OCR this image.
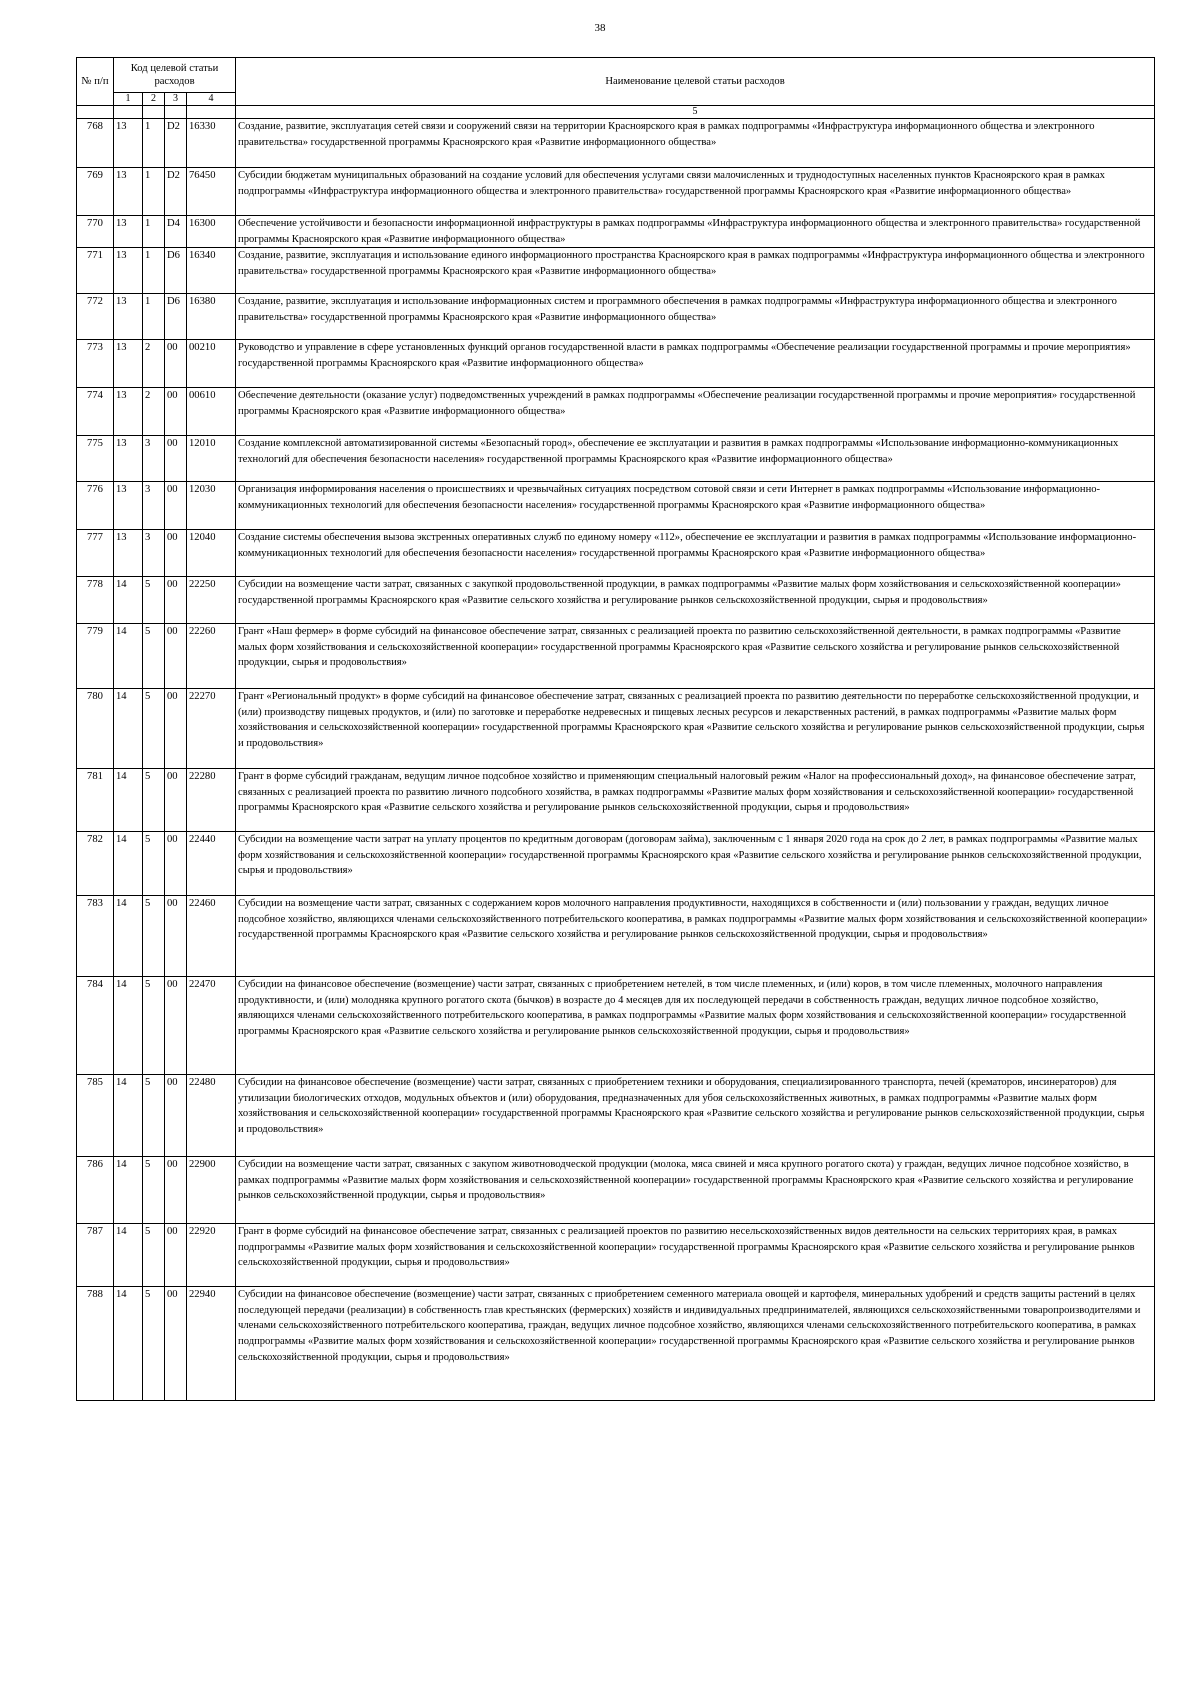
38
№ п/п	Код целевой статьи расходов				Наименование целевой статьи расходов
	1	2	3	4	
					5
768	13	1	D2	16330	Создание, развитие, эксплуатация сетей связи и сооружений связи на территории Красноярского края в рамках подпрограммы «Инфраструктура информационного общества и электронного правительства» государственной программы Красноярского края «Развитие информационного общества»
769	13	1	D2	76450	Субсидии бюджетам муниципальных образований на создание условий для обеспечения услугами связи малочисленных и труднодоступных населенных пунктов Красноярского края в рамках подпрограммы «Инфраструктура информационного общества и электронного правительства» государственной программы Красноярского края «Развитие информационного общества»
770	13	1	D4	16300	Обеспечение устойчивости и безопасности информационной инфраструктуры в рамках подпрограммы «Инфраструктура информационного общества и электронного правительства» государственной программы Красноярского края «Развитие информационного общества»
771	13	1	D6	16340	Создание, развитие, эксплуатация и использование единого информационного пространства Красноярского края в рамках подпрограммы «Инфраструктура информационного общества и электронного правительства» государственной программы Красноярского края «Развитие информационного общества»
772	13	1	D6	16380	Создание, развитие, эксплуатация и использование информационных систем и программного обеспечения в рамках подпрограммы «Инфраструктура информационного общества и электронного правительства» государственной программы Красноярского края «Развитие информационного общества»
773	13	2	00	00210	Руководство и управление в сфере установленных функций органов государственной власти в рамках подпрограммы «Обеспечение реализации государственной программы и прочие мероприятия» государственной программы Красноярского края «Развитие информационного общества»
774	13	2	00	00610	Обеспечение деятельности (оказание услуг) подведомственных учреждений в рамках подпрограммы «Обеспечение реализации государственной программы и прочие мероприятия» государственной программы Красноярского края «Развитие информационного общества»
775	13	3	00	12010	Создание комплексной автоматизированной системы «Безопасный город», обеспечение ее эксплуатации и развития в рамках подпрограммы «Использование информационно-коммуникационных технологий для обеспечения безопасности населения» государственной программы Красноярского края «Развитие информационного общества»
776	13	3	00	12030	Организация информирования населения о происшествиях и чрезвычайных ситуациях посредством сотовой связи и сети Интернет в рамках подпрограммы «Использование информационно-коммуникационных технологий для обеспечения безопасности населения» государственной программы Красноярского края «Развитие информационного общества»
777	13	3	00	12040	Создание системы обеспечения вызова экстренных оперативных служб по единому номеру «112», обеспечение ее эксплуатации и развития в рамках подпрограммы «Использование информационно-коммуникационных технологий для обеспечения безопасности населения» государственной программы Красноярского края «Развитие информационного общества»
778	14	5	00	22250	Субсидии на возмещение части затрат, связанных с закупкой продовольственной продукции, в рамках подпрограммы «Развитие малых форм хозяйствования и сельскохозяйственной кооперации» государственной программы Красноярского края «Развитие сельского хозяйства и регулирование рынков сельскохозяйственной продукции, сырья и продовольствия»
779	14	5	00	22260	Грант «Наш фермер» в форме субсидий на финансовое обеспечение затрат, связанных с реализацией проекта по развитию сельскохозяйственной деятельности, в рамках подпрограммы «Развитие малых форм хозяйствования и сельскохозяйственной кооперации» государственной программы Красноярского края «Развитие сельского хозяйства и регулирование рынков сельскохозяйственной продукции, сырья и продовольствия»
780	14	5	00	22270	Грант «Региональный продукт» в форме субсидий на финансовое обеспечение затрат, связанных с реализацией проекта по развитию деятельности по переработке сельскохозяйственной продукции, и (или) производству пищевых продуктов, и (или) по заготовке и переработке недревесных и пищевых лесных ресурсов и лекарственных растений, в рамках подпрограммы «Развитие малых форм хозяйствования и сельскохозяйственной кооперации» государственной программы Красноярского края «Развитие сельского хозяйства и регулирование рынков сельскохозяйственной продукции, сырья и продовольствия»
781	14	5	00	22280	Грант в форме субсидий гражданам, ведущим личное подсобное хозяйство и применяющим специальный налоговый режим «Налог на профессиональный доход», на финансовое обеспечение затрат, связанных с реализацией проекта по развитию личного подсобного хозяйства, в рамках подпрограммы «Развитие малых форм хозяйствования и сельскохозяйственной кооперации» государственной программы Красноярского края «Развитие сельского хозяйства и регулирование рынков сельскохозяйственной продукции, сырья и продовольствия»
782	14	5	00	22440	Субсидии на возмещение части затрат на уплату процентов по кредитным договорам (договорам займа), заключенным с 1 января 2020 года на срок до 2 лет, в рамках подпрограммы «Развитие малых форм хозяйствования и сельскохозяйственной кооперации» государственной программы Красноярского края «Развитие сельского хозяйства и регулирование рынков сельскохозяйственной продукции, сырья и продовольствия»
783	14	5	00	22460	Субсидии на возмещение части затрат, связанных с содержанием коров молочного направления продуктивности, находящихся в собственности и (или) пользовании у граждан, ведущих личное подсобное хозяйство, являющихся членами сельскохозяйственного потребительского кооператива, в рамках подпрограммы «Развитие малых форм хозяйствования и сельскохозяйственной кооперации» государственной программы Красноярского края «Развитие сельского хозяйства и регулирование рынков сельскохозяйственной продукции, сырья и продовольствия»
784	14	5	00	22470	Субсидии на финансовое обеспечение (возмещение) части затрат, связанных с приобретением нетелей, в том числе племенных, и (или) коров, в том числе племенных, молочного направления продуктивности, и (или) молодняка крупного рогатого скота (бычков) в возрасте до 4 месяцев для их последующей передачи в собственность граждан, ведущих личное подсобное хозяйство, являющихся членами сельскохозяйственного потребительского кооператива, в рамках подпрограммы «Развитие малых форм хозяйствования и сельскохозяйственной кооперации» государственной программы Красноярского края «Развитие сельского хозяйства и регулирование рынков сельскохозяйственной продукции, сырья и продовольствия»
785	14	5	00	22480	Субсидии на финансовое обеспечение (возмещение) части затрат, связанных с приобретением техники и оборудования, специализированного транспорта, печей (крематоров, инсинераторов) для утилизации биологических отходов, модульных объектов и (или) оборудования, предназначенных для убоя сельскохозяйственных животных, в рамках подпрограммы «Развитие малых форм хозяйствования и сельскохозяйственной кооперации» государственной программы Красноярского края «Развитие сельского хозяйства и регулирование рынков сельскохозяйственной продукции, сырья и продовольствия»
786	14	5	00	22900	Субсидии на возмещение части затрат, связанных с закупом животноводческой продукции (молока, мяса свиней и мяса крупного рогатого скота) у граждан, ведущих личное подсобное хозяйство, в рамках подпрограммы «Развитие малых форм хозяйствования и сельскохозяйственной кооперации» государственной программы Красноярского края «Развитие сельского хозяйства и регулирование рынков сельскохозяйственной продукции, сырья и продовольствия»
787	14	5	00	22920	Грант в форме субсидий на финансовое обеспечение затрат, связанных с реализацией проектов по развитию несельскохозяйственных видов деятельности на сельских территориях края, в рамках подпрограммы «Развитие малых форм хозяйствования и сельскохозяйственной кооперации» государственной программы Красноярского края «Развитие сельского хозяйства и регулирование рынков сельскохозяйственной продукции, сырья и продовольствия»
788	14	5	00	22940	Субсидии на финансовое обеспечение (возмещение) части затрат, связанных с приобретением семенного материала овощей и картофеля, минеральных удобрений и средств защиты растений в целях последующей передачи (реализации) в собственность глав крестьянских (фермерских) хозяйств и индивидуальных предпринимателей, являющихся сельскохозяйственными товаропроизводителями и членами сельскохозяйственного потребительского кооператива, граждан, ведущих личное подсобное хозяйство, являющихся членами сельскохозяйственного потребительского кооператива, в рамках подпрограммы «Развитие малых форм хозяйствования и сельскохозяйственной кооперации» государственной программы Красноярского края «Развитие сельского хозяйства и регулирование рынков сельскохозяйственной продукции, сырья и продовольствия»
